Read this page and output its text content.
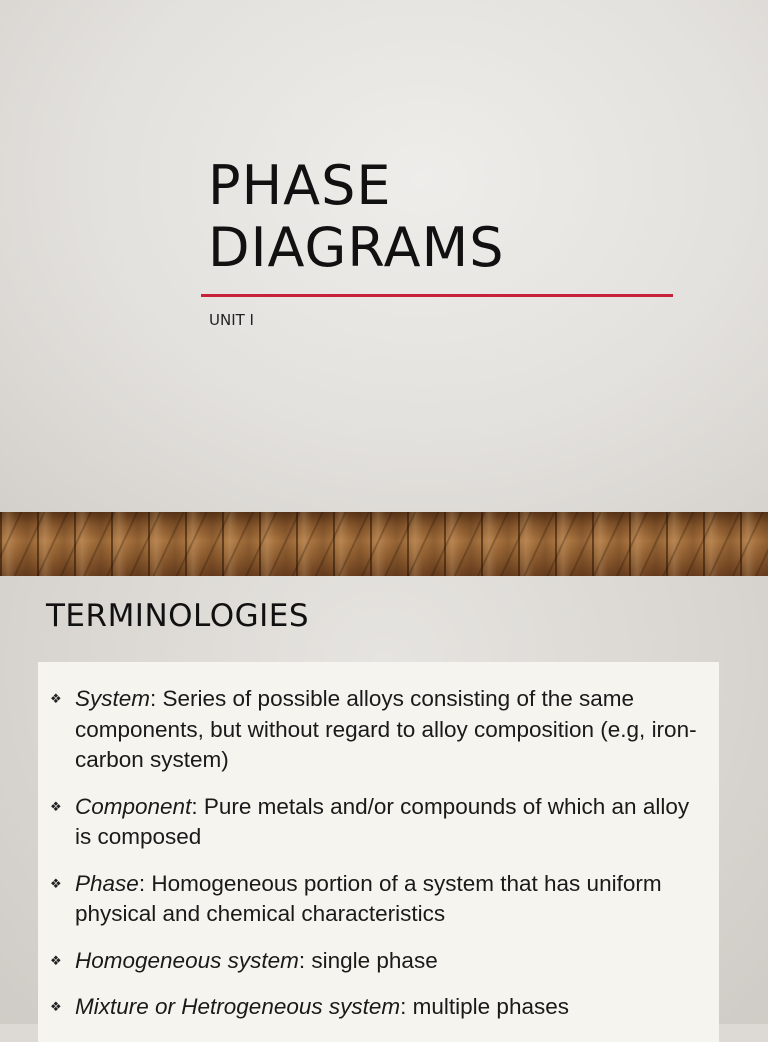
PHASE
DIAGRAMS
UNIT I
TERMINOLOGIES
❖ System: Series of possible alloys consisting of the same components, but without regard to alloy composition (e.g, iron-carbon system)
❖ Component: Pure metals and/or compounds of which an alloy is composed
❖ Phase: Homogeneous portion of a system that has uniform physical and chemical characteristics
❖ Homogeneous system: single phase
❖ Mixture or Hetrogeneous system: multiple phases
